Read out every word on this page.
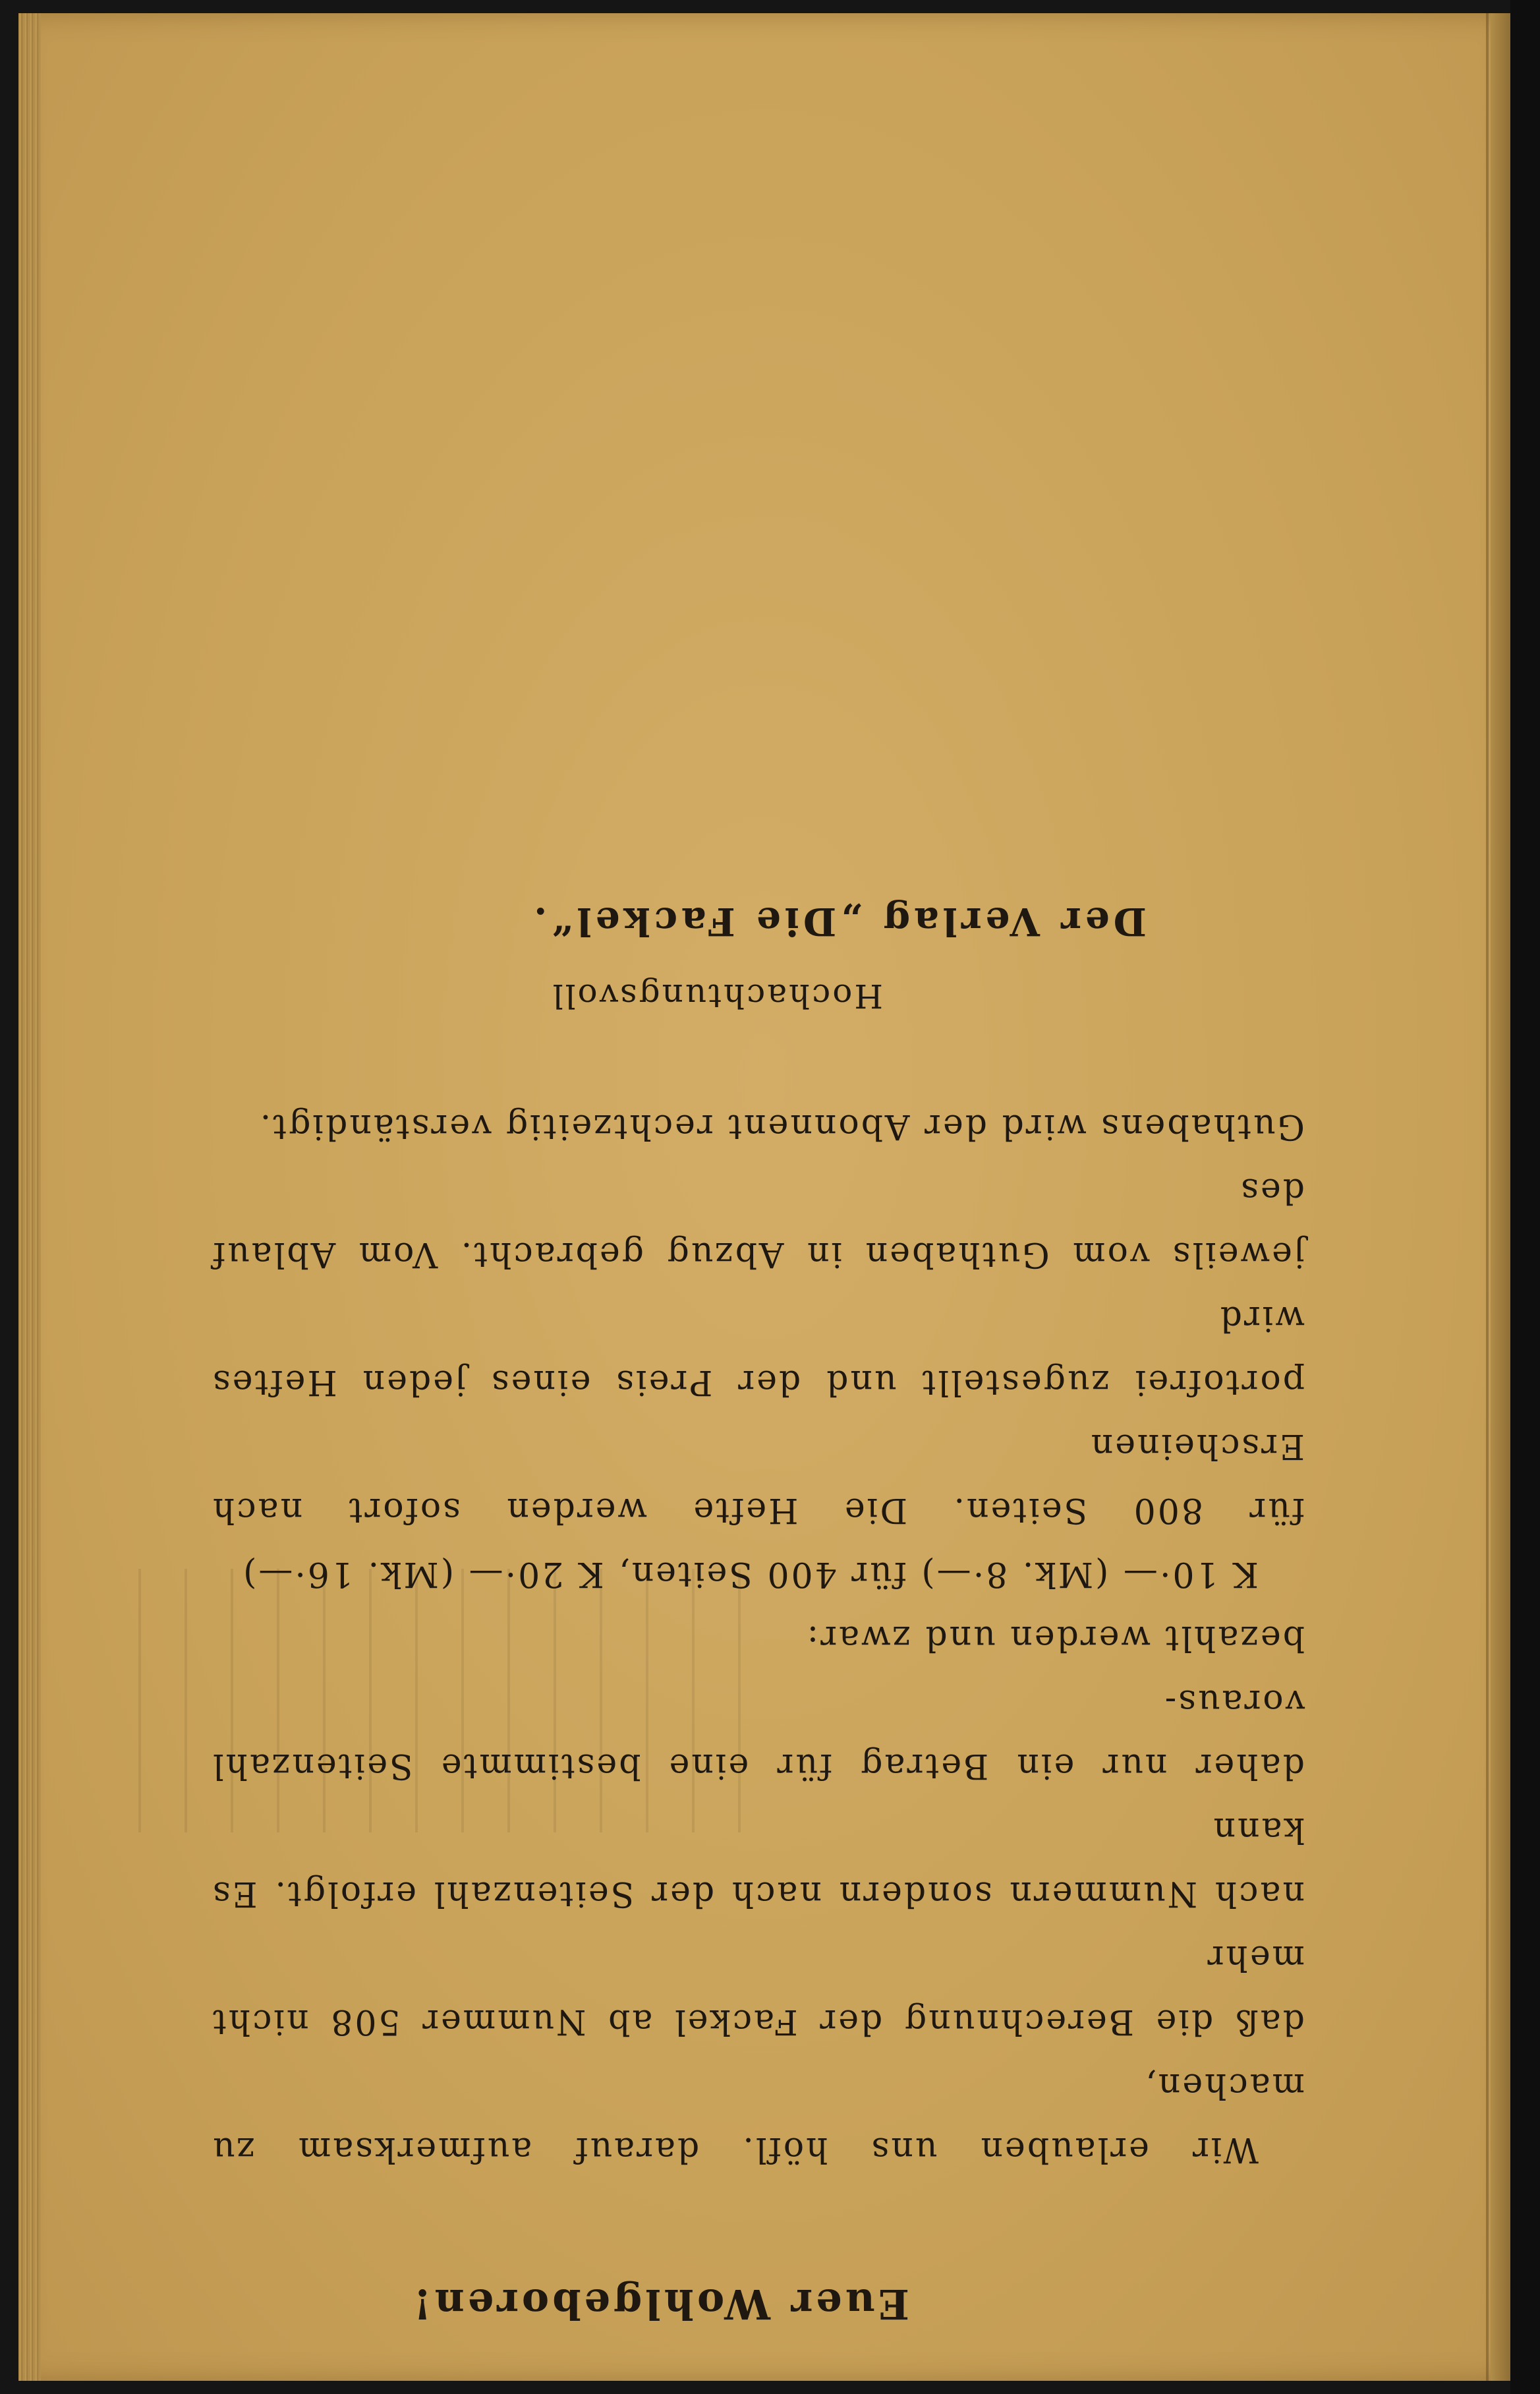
Euer Wohlgeboren!

Wir erlauben uns höfl. darauf aufmerksam zu machen,

daß die Berechnung der Fackel ab Nummer 508 nicht mehr

nach Nummern sondern nach der Seitenzahl erfolgt. Es kann

daher nur ein Betrag für eine bestimmte Seitenzahl voraus-

bezahlt werden und zwar:

K 10·— (Mk. 8·—) für 400 Seiten, K 20·— (Mk. 16·—)

für 800 Seiten. Die Hefte werden sofort nach Erscheinen

portofrei zugestellt und der Preis eines jeden Heftes wird

jeweils vom Guthaben in Abzug gebracht. Vom Ablauf des

Guthabens wird der Abonnent rechtzeitig verständigt.

Hochachtungsvoll

Der Verlag „Die Fackel“.
